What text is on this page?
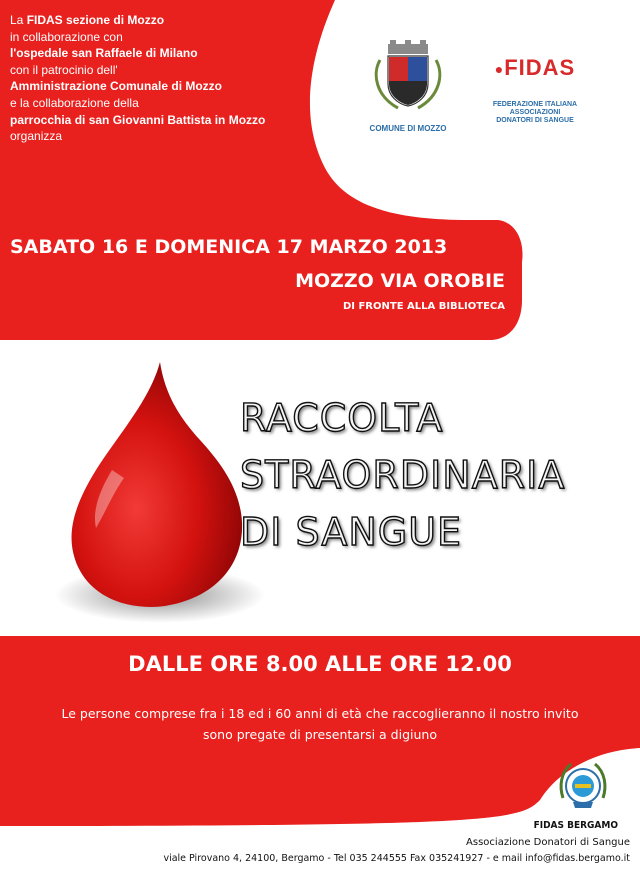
La FIDAS sezione di Mozzo
in collaborazione con
l'ospedale san Raffaele di Milano
con il patrocinio dell'
Amministrazione Comunale di Mozzo
e la collaborazione della
parrocchia di san Giovanni Battista in Mozzo
organizza
COMUNE DI MOZZO
●FIDAS
FEDERAZIONE ITALIANA
ASSOCIAZIONI
DONATORI DI SANGUE
SABATO 16 E DOMENICA 17 MARZO 2013
MOZZO VIA OROBIE
DI FRONTE ALLA BIBLIOTECA
RACCOLTA
STRAORDINARIA
DI SANGUE
DALLE ORE 8.00 ALLE ORE 12.00
Le persone comprese fra i 18 ed i 60 anni di età che raccoglieranno il nostro invito
sono pregate di presentarsi a digiuno
FIDAS BERGAMO
Associazione Donatori di Sangue
viale Pirovano 4, 24100, Bergamo - Tel 035 244555 Fax 035241927 - e mail info@fidas.bergamo.it
